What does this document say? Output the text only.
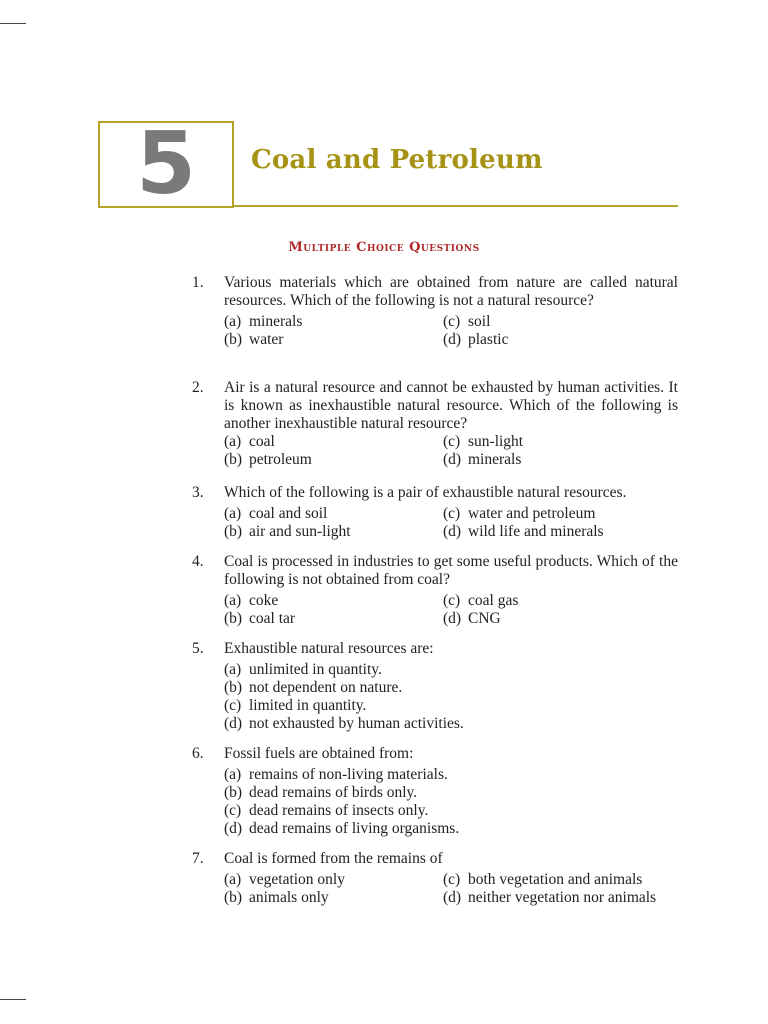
5	Coal and Petroleum
Multiple Choice Questions
1.	Various materials which are obtained from nature are called natural resources. Which of the following is not a natural resource?
(a) minerals	(c) soil
(b) water	(d) plastic
2.	Air is a natural resource and cannot be exhausted by human activities. It is known as inexhaustible natural resource. Which of the following is another inexhaustible natural resource?
(a) coal	(c) sun-light
(b) petroleum	(d) minerals
3.	Which of the following is a pair of exhaustible natural resources.
(a) coal and soil	(c) water and petroleum
(b) air and sun-light	(d) wild life and minerals
4.	Coal is processed in industries to get some useful products. Which of the following is not obtained from coal?
(a) coke	(c) coal gas
(b) coal tar	(d) CNG
5.	Exhaustible natural resources are:
(a) unlimited in quantity.
(b) not dependent on nature.
(c) limited in quantity.
(d) not exhausted by human activities.
6.	Fossil fuels are obtained from:
(a) remains of non-living materials.
(b) dead remains of birds only.
(c) dead remains of insects only.
(d) dead remains of living organisms.
7.	Coal is formed from the remains of
(a) vegetation only	(c) both vegetation and animals
(b) animals only	(d) neither vegetation nor animals
